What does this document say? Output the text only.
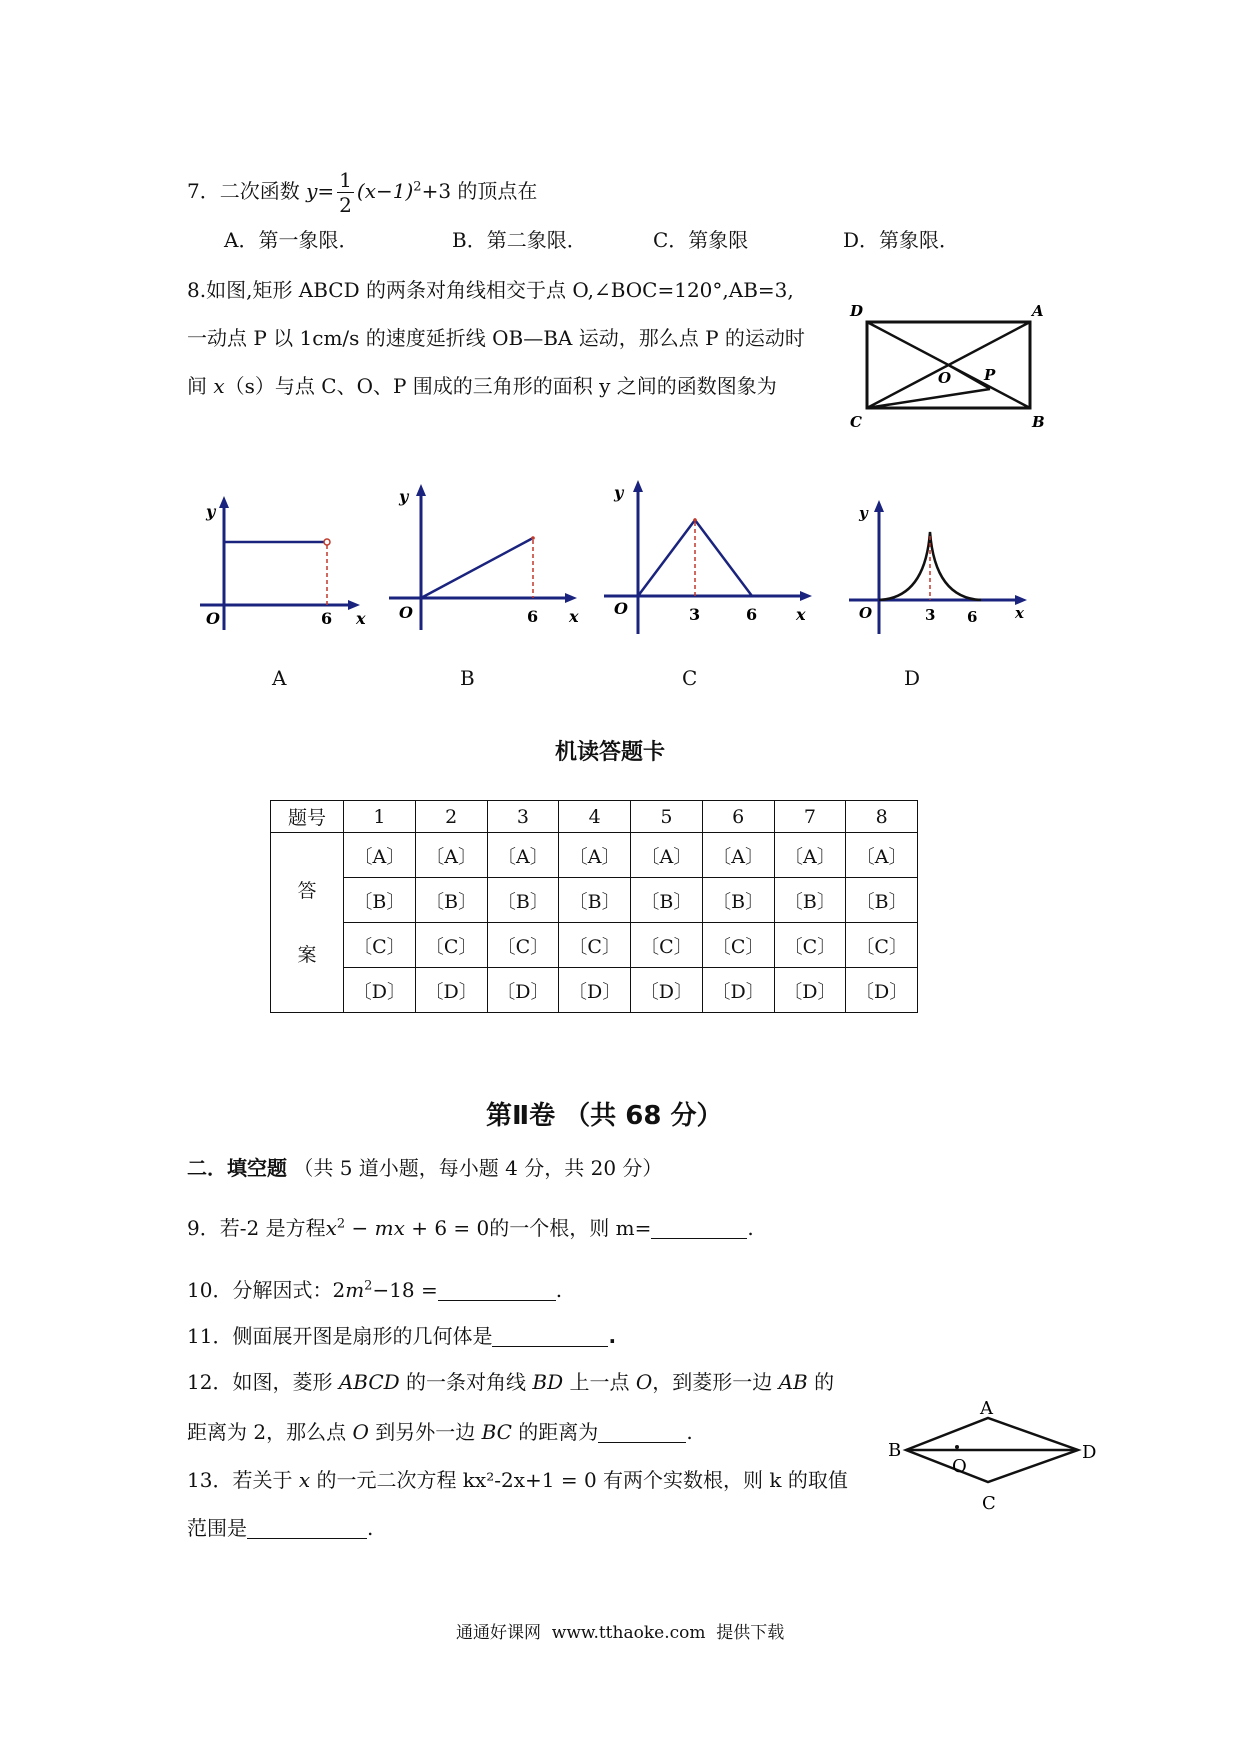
7．二次函数 $y= \frac{1}{2} (x-1)^2+3$ 的顶点在
A．第一象限．	B．第二象限．	C．第象限	D．第象限．
8.如图,矩形 ABCD 的两条对角线相交于点 O,∠BOC=120°,AB=3,
一动点 P 以 1cm/s 的速度延折线 OB—BA 运动，那么点 P 的运动时
间 x（s）与点 C、O、P 围成的三角形的面积 y 之间的函数图象为
D	A
C	B
O P
y
O	6 x
A
y
O	6 x
B
y
O	3	6 x
C
y
O	3 6	x
D
机读答题卡
题号	1	2	3	4	5	6	7	8

答
案	〔A〕	〔A〕	〔A〕	〔A〕	〔A〕	〔A〕	〔A〕	〔A〕
	〔B〕	〔B〕	〔B〕	〔B〕	〔B〕	〔B〕	〔B〕	〔B〕
	〔C〕	〔C〕	〔C〕	〔C〕	〔C〕	〔C〕	〔C〕	〔C〕
	〔D〕	〔D〕	〔D〕	〔D〕	〔D〕	〔D〕	〔D〕	〔D〕
第Ⅱ卷 （共 68 分）
二．填空题 （共 5 道小题，每小题 4 分，共 20 分）
9．若-2 是方程$x^2$ − mx + 6 = 0的一个根，则 m=	.
10．分解因式：$2m^2-18$ =	.
11．侧面展开图是扇形的几何体是	.
12．如图，菱形 ABCD 的一条对角线 BD 上一点 O，到菱形一边 AB 的
距离为 2，那么点 O 到另外一边 BC 的距离为	.
A
B	D
C
O
13．若关于 x 的一元二次方程 kx²-2x+1 = 0 有两个实数根，则 k 的取值
范围是	.
通通好课网  www.tthaoke.com  提供下载
